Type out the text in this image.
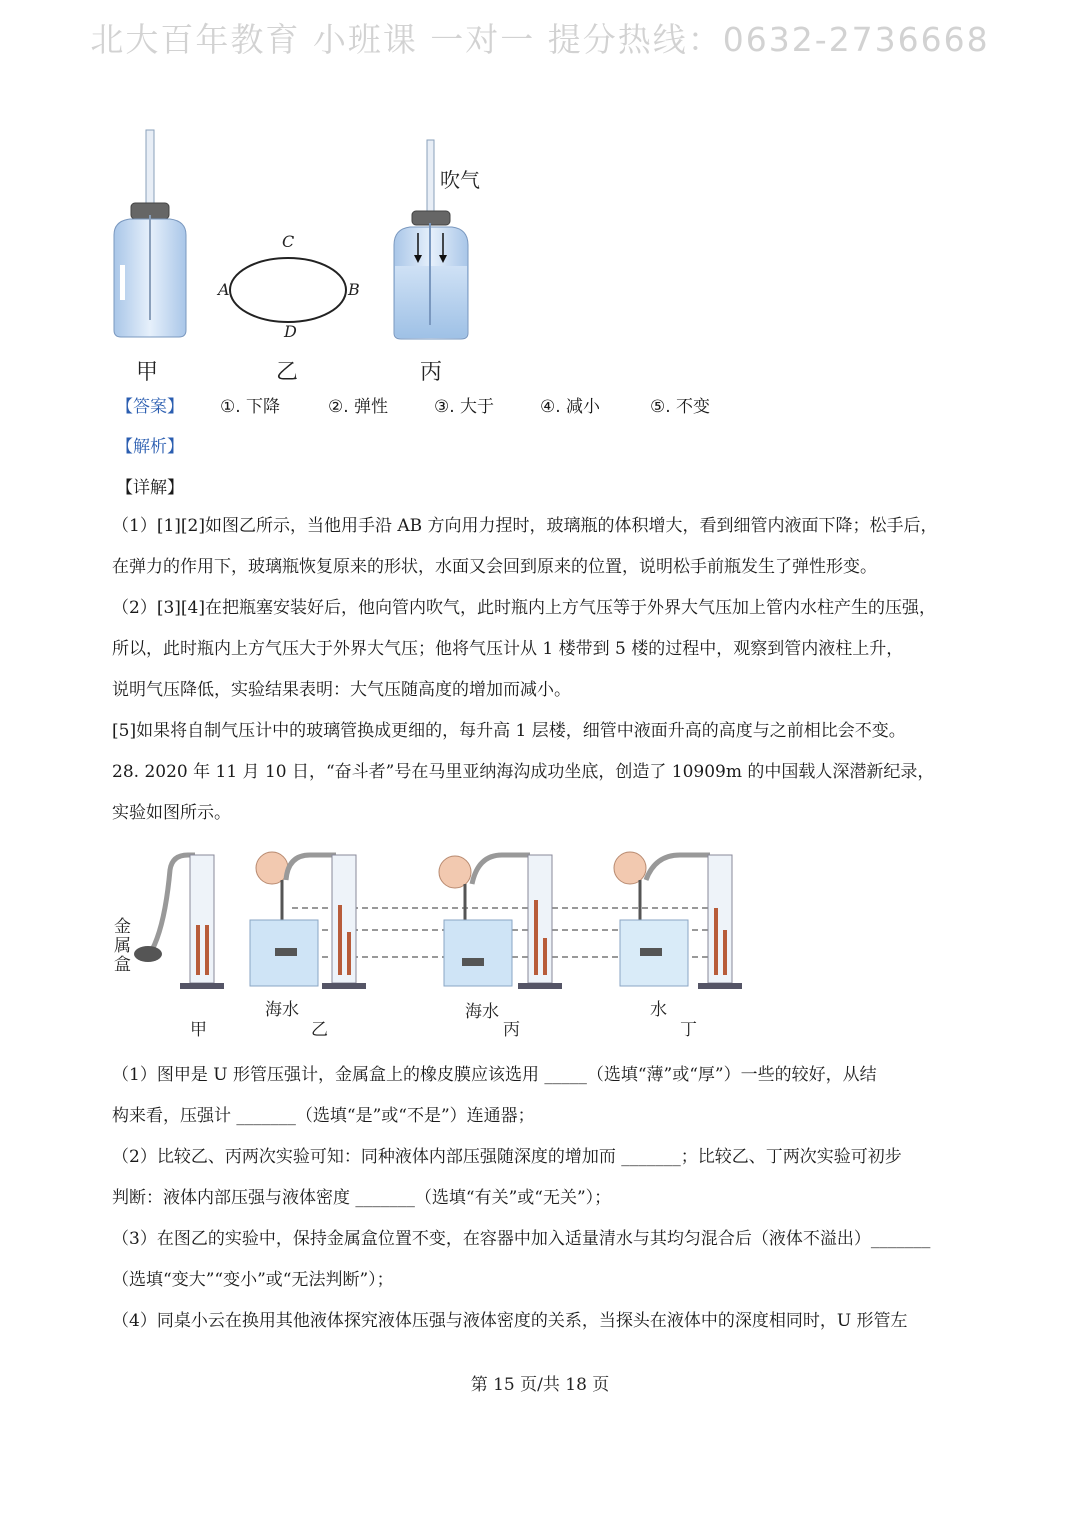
北大百年教育 小班课 一对一 提分热线：0632-2736668
C
A	B
D
吹气
甲	乙	丙
【答案】 ①. 下降	②. 弹性	③. 大于	④. 减小	⑤. 不变
【解析】
【详解】
（1）[1][2]如图乙所示，当他用手沿 AB 方向用力捏时，玻璃瓶的体积增大，看到细管内液面下降；松手后，
在弹力的作用下，玻璃瓶恢复原来的形状，水面又会回到原来的位置，说明松手前瓶发生了弹性形变。
（2）[3][4]在把瓶塞安装好后，他向管内吹气，此时瓶内上方气压等于外界大气压加上管内水柱产生的压强，
所以，此时瓶内上方气压大于外界大气压；他将气压计从 1 楼带到 5 楼的过程中，观察到管内液柱上升，
说明气压降低，实验结果表明：大气压随高度的增加而减小。
[5]如果将自制气压计中的玻璃管换成更细的，每升高 1 层楼，细管中液面升高的高度与之前相比会不变。
28. 2020 年 11 月 10 日，“奋斗者”号在马里亚纳海沟成功坐底，创造了 10909m 的中国载人深潜新纪录，
实验如图所示。
金属盒
海水	海水	水
甲	乙	丙	丁
（1）图甲是 U 形管压强计，金属盒上的橡皮膜应该选用 _____（选填“薄”或“厚”）一些的较好，从结
构来看，压强计 _______（选填“是”或“不是”）连通器；
（2）比较乙、丙两次实验可知：同种液体内部压强随深度的增加而 _______；比较乙、丁两次实验可初步
判断：液体内部压强与液体密度 _______（选填“有关”或“无关”）；
（3）在图乙的实验中，保持金属盒位置不变，在容器中加入适量清水与其均匀混合后（液体不溢出）_______
（选填“变大”“变小”或“无法判断”）；
（4）同桌小云在换用其他液体探究液体压强与液体密度的关系，当探头在液体中的深度相同时，U 形管左
第 15 页/共 18 页
